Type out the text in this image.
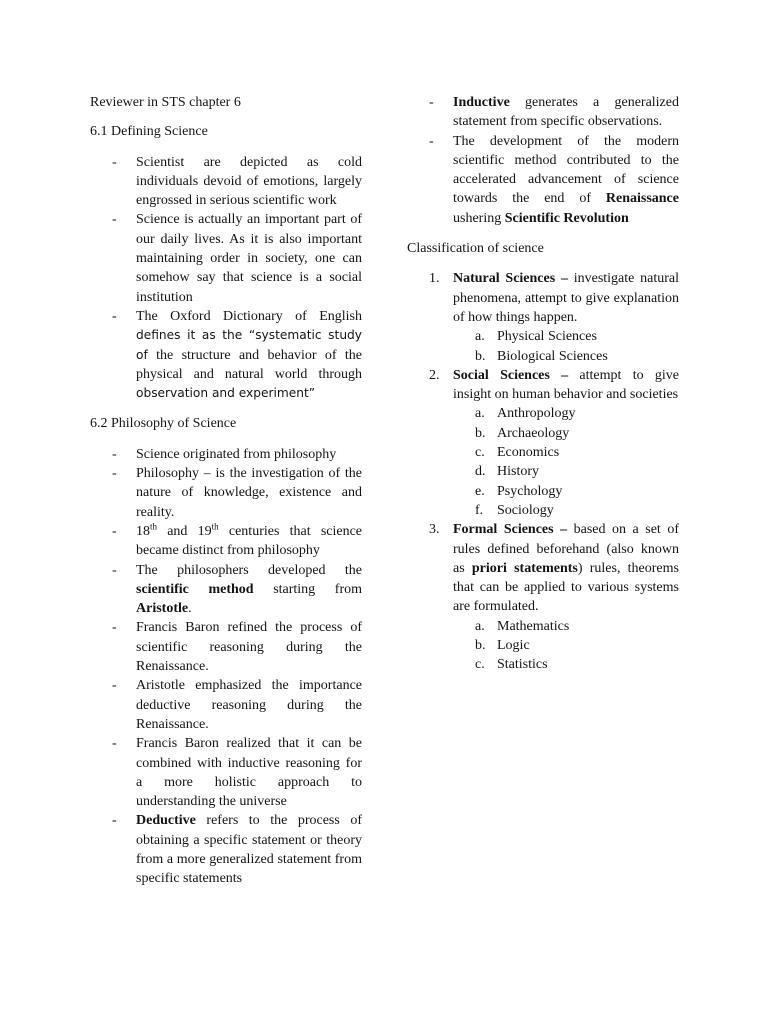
Reviewer in STS chapter 6

6.1 Defining Science

- Scientist are depicted as cold individuals devoid of emotions, largely engrossed in serious scientific work
- Science is actually an important part of our daily lives. As it is also important maintaining order in society, one can somehow say that science is a social institution
- The Oxford Dictionary of English defines it as the “systematic study of the structure and behavior of the physical and natural world through observation and experiment”

6.2 Philosophy of Science

- Science originated from philosophy
- Philosophy – is the investigation of the nature of knowledge, existence and reality.
- 18th and 19th centuries that science became distinct from philosophy
- The philosophers developed the scientific method starting from Aristotle.
- Francis Baron refined the process of scientific reasoning during the Renaissance.
- Aristotle emphasized the importance deductive reasoning during the Renaissance.
- Francis Baron realized that it can be combined with inductive reasoning for a more holistic approach to understanding the universe
- Deductive refers to the process of obtaining a specific statement or theory from a more generalized statement from specific statements
- Inductive generates a generalized statement from specific observations.
- The development of the modern scientific method contributed to the accelerated advancement of science towards the end of Renaissance ushering Scientific Revolution

Classification of science

1. Natural Sciences – investigate natural phenomena, attempt to give explanation of how things happen.
a. Physical Sciences
b. Biological Sciences
2. Social Sciences – attempt to give insight on human behavior and societies
a. Anthropology
b. Archaeology
c. Economics
d. History
e. Psychology
f. Sociology
3. Formal Sciences – based on a set of rules defined beforehand (also known as priori statements) rules, theorems that can be applied to various systems are formulated.
a. Mathematics
b. Logic
c. Statistics
